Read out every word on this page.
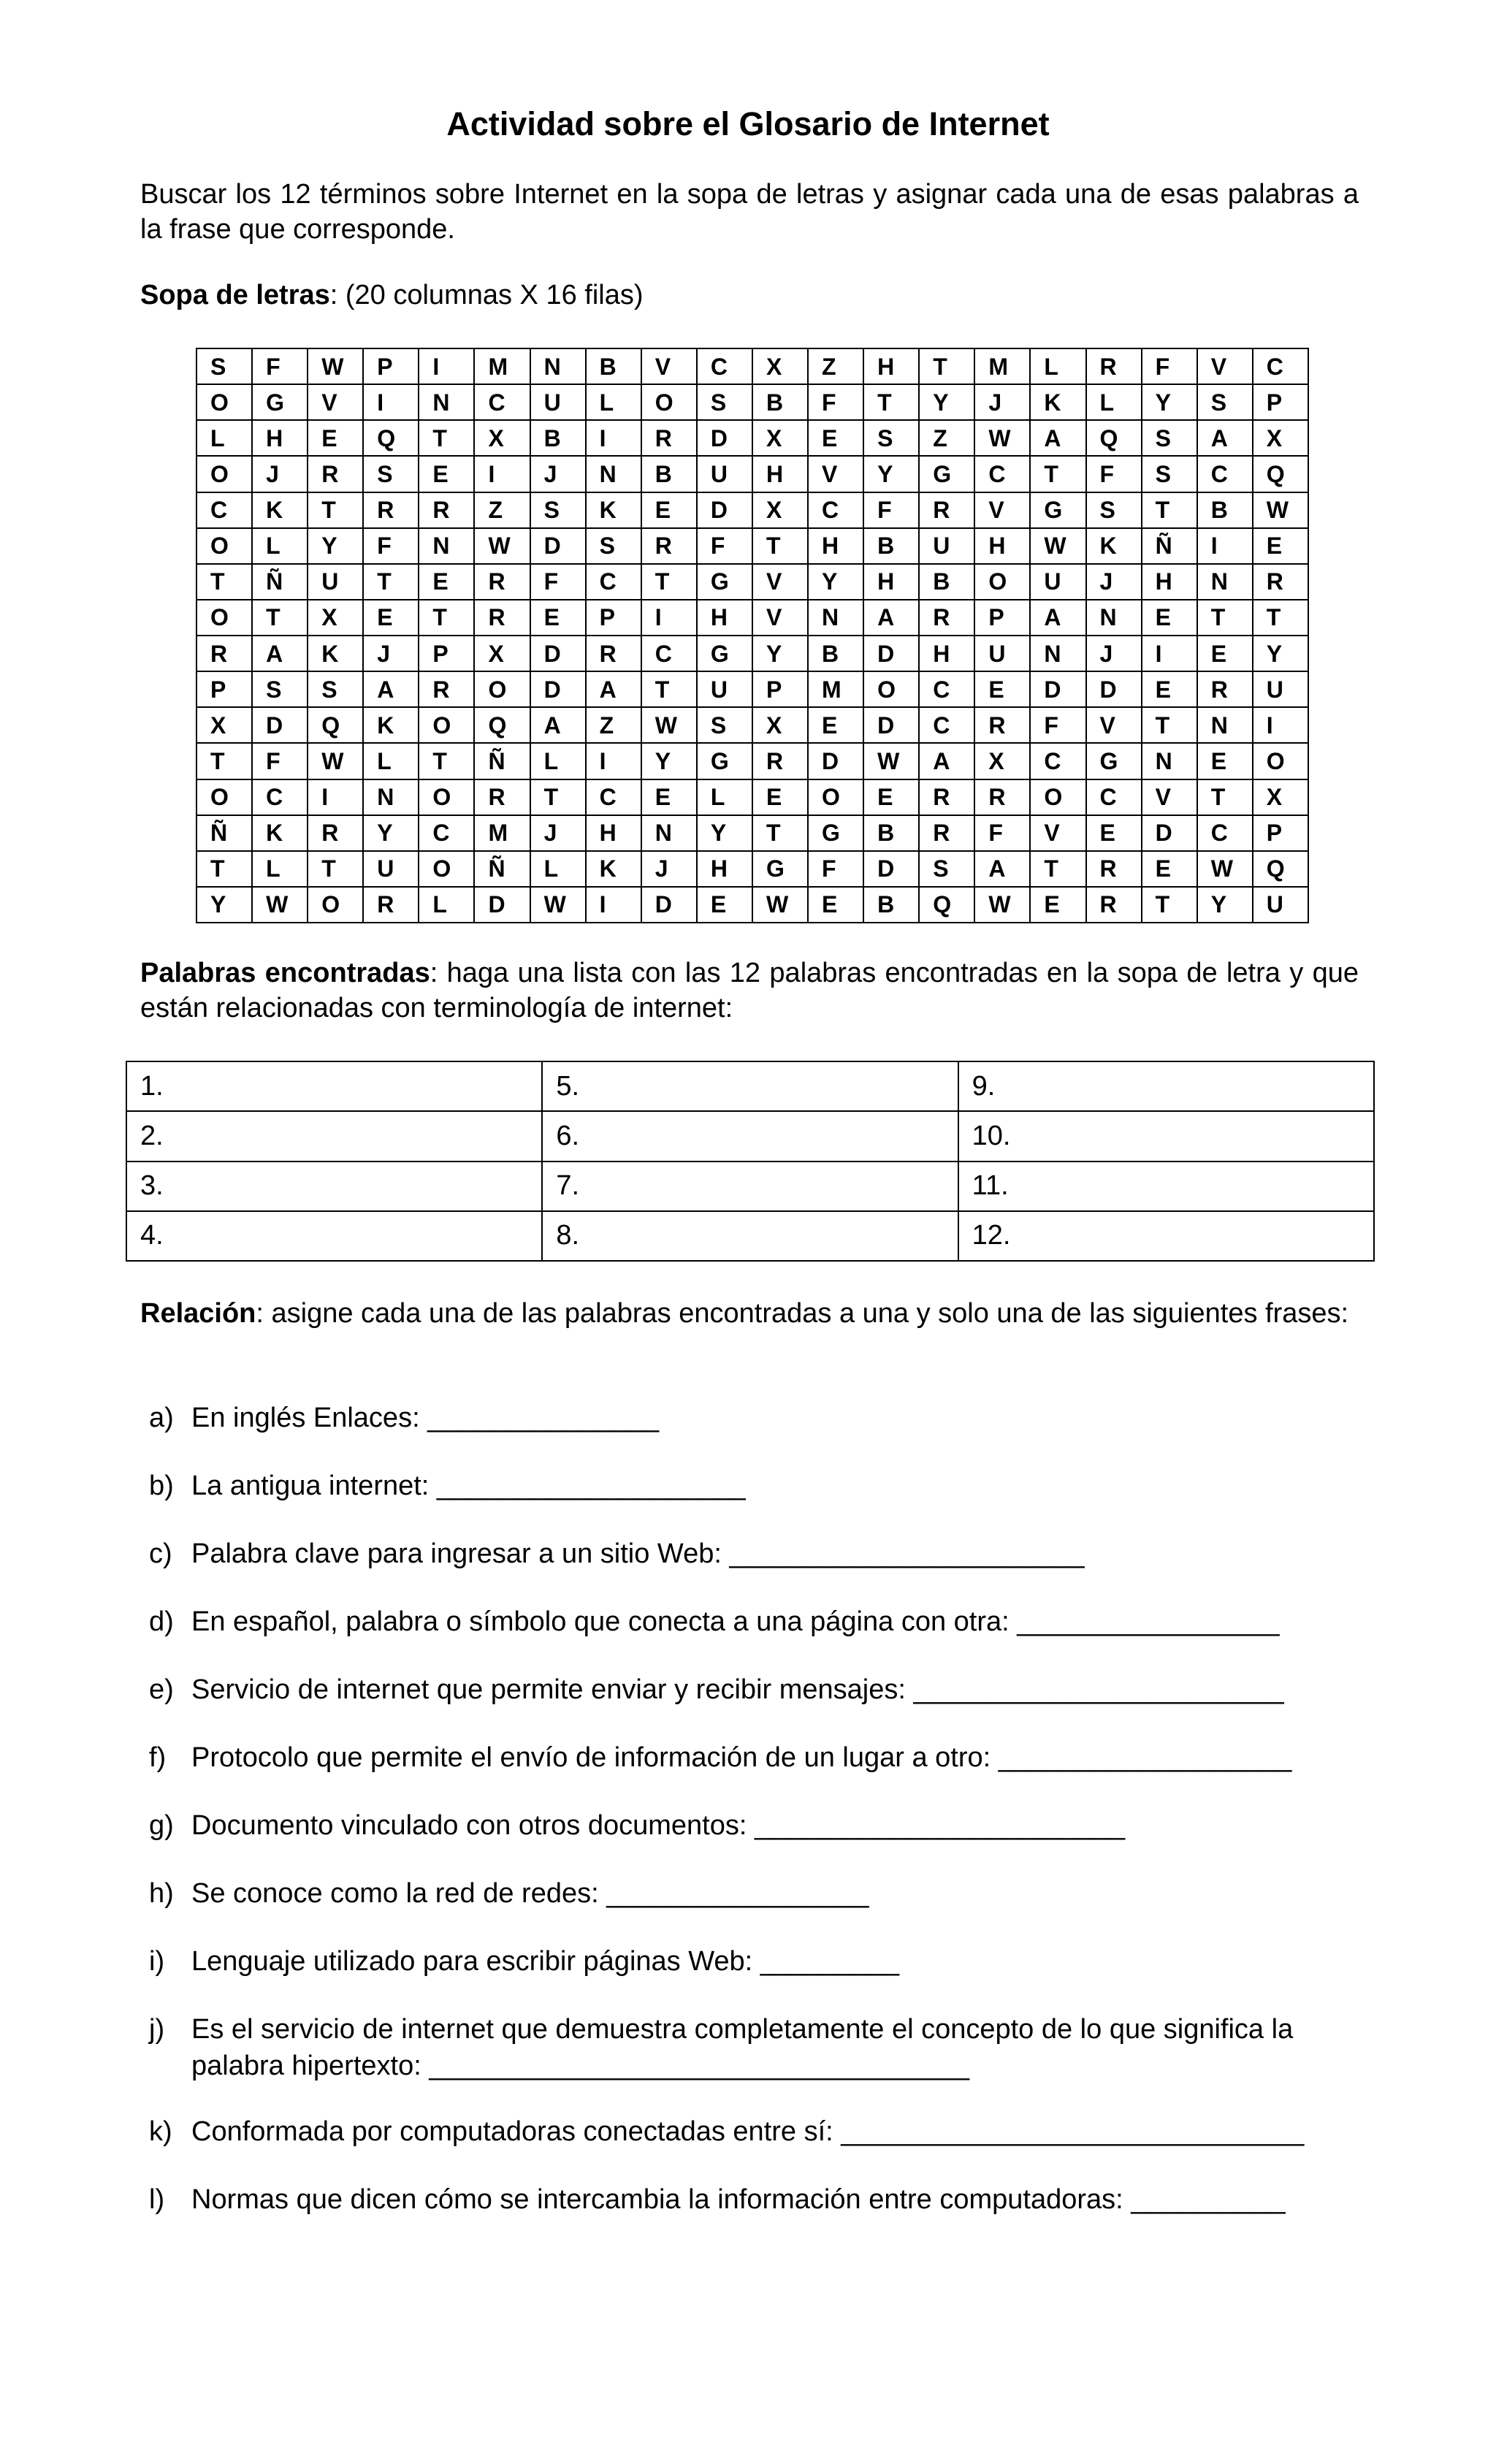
Actividad sobre el Glosario de Internet
Buscar los 12 términos sobre Internet en la sopa de letras y asignar cada una de esas palabras a la frase que corresponde.
Sopa de letras: (20 columnas X 16 filas)
S	F	W	P	I	M	N	B	V	C	X	Z	H	T	M	L	R	F	V	C
O	G	V	I	N	C	U	L	O	S	B	F	T	Y	J	K	L	Y	S	P
L	H	E	Q	T	X	B	I	R	D	X	E	S	Z	W	A	Q	S	A	X
O	J	R	S	E	I	J	N	B	U	H	V	Y	G	C	T	F	S	C	Q
C	K	T	R	R	Z	S	K	E	D	X	C	F	R	V	G	S	T	B	W
O	L	Y	F	N	W	D	S	R	F	T	H	B	U	H	W	K	Ñ	I	E
T	Ñ	U	T	E	R	F	C	T	G	V	Y	H	B	O	U	J	H	N	R
O	T	X	E	T	R	E	P	I	H	V	N	A	R	P	A	N	E	T	T
R	A	K	J	P	X	D	R	C	G	Y	B	D	H	U	N	J	I	E	Y
P	S	S	A	R	O	D	A	T	U	P	M	O	C	E	D	D	E	R	U
X	D	Q	K	O	Q	A	Z	W	S	X	E	D	C	R	F	V	T	N	I
T	F	W	L	T	Ñ	L	I	Y	G	R	D	W	A	X	C	G	N	E	O
O	C	I	N	O	R	T	C	E	L	E	O	E	R	R	O	C	V	T	X
Ñ	K	R	Y	C	M	J	H	N	Y	T	G	B	R	F	V	E	D	C	P
T	L	T	U	O	Ñ	L	K	J	H	G	F	D	S	A	T	R	E	W	Q
Y	W	O	R	L	D	W	I	D	E	W	E	B	Q	W	E	R	T	Y	U
Palabras encontradas: haga una lista con las 12 palabras encontradas en la sopa de letra y que están relacionadas con terminología de internet:
1.	5.	9.
2.	6.	10.
3.	7.	11.
4.	8.	12.
Relación: asigne cada una de las palabras encontradas a una y solo una de las siguientes frases:
a) En inglés Enlaces: _______________
b) La antigua internet: ____________________
c) Palabra clave para ingresar a un sitio Web: _______________________
d) En español, palabra o símbolo que conecta a una página con otra: _________________
e) Servicio de internet que permite enviar y recibir mensajes: ________________________
f) Protocolo que permite el envío de información de un lugar a otro: ___________________
g) Documento vinculado con otros documentos: ________________________
h) Se conoce como la red de redes: _________________
i) Lenguaje utilizado para escribir páginas Web: _________
j) Es el servicio de internet que demuestra completamente el concepto de lo que significa la palabra hipertexto: ___________________________________
k) Conformada por computadoras conectadas entre sí: ______________________________
l) Normas que dicen cómo se intercambia la información entre computadoras: __________
